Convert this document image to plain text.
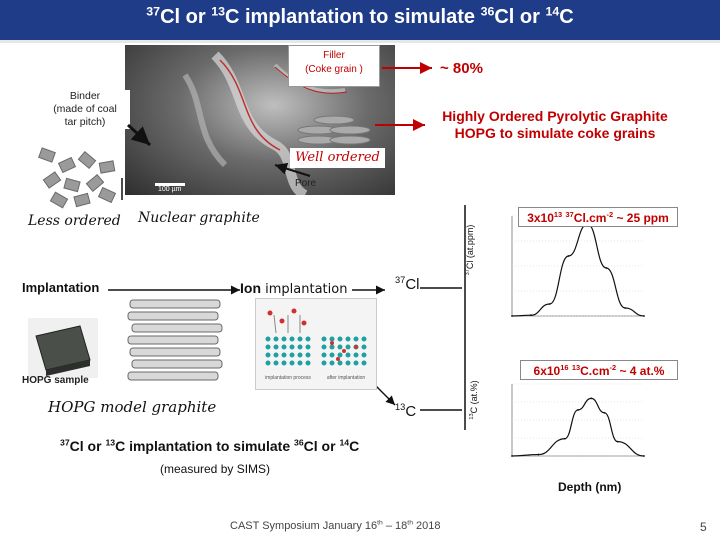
$^{37}$Cl or $^{13}$C implantation to simulate $^{36}$Cl or $^{14}$C
100 µm
Filler
(Coke grain )
Binder
(made of coal
tar pitch)
Well ordered
Pore
~ 80%
Highly Ordered Pyrolytic Graphite
HOPG to simulate coke grains
Less ordered Nuclear graphite
Implantation	Ion implantation
$^{37}$Cl
$^{13}$C
HOPG sample
HOPG model graphite
implantation process	after implantation
$^{37}$Cl or $^{13}$C implantation to simulate $^{36}$Cl or $^{14}$C
(measured by SIMS)
$3x10^{13}$ $^{37}Cl.cm^{-2}$ ~ 25 ppm
$6x10^{16}$ $^{13}C.cm^{-2}$ ~ 4 at.%
$^{37}$Cl (at.ppm)
$^{13}$C (at.%)
Depth (nm)
CAST Symposium January 16th – 18th 2018	5
